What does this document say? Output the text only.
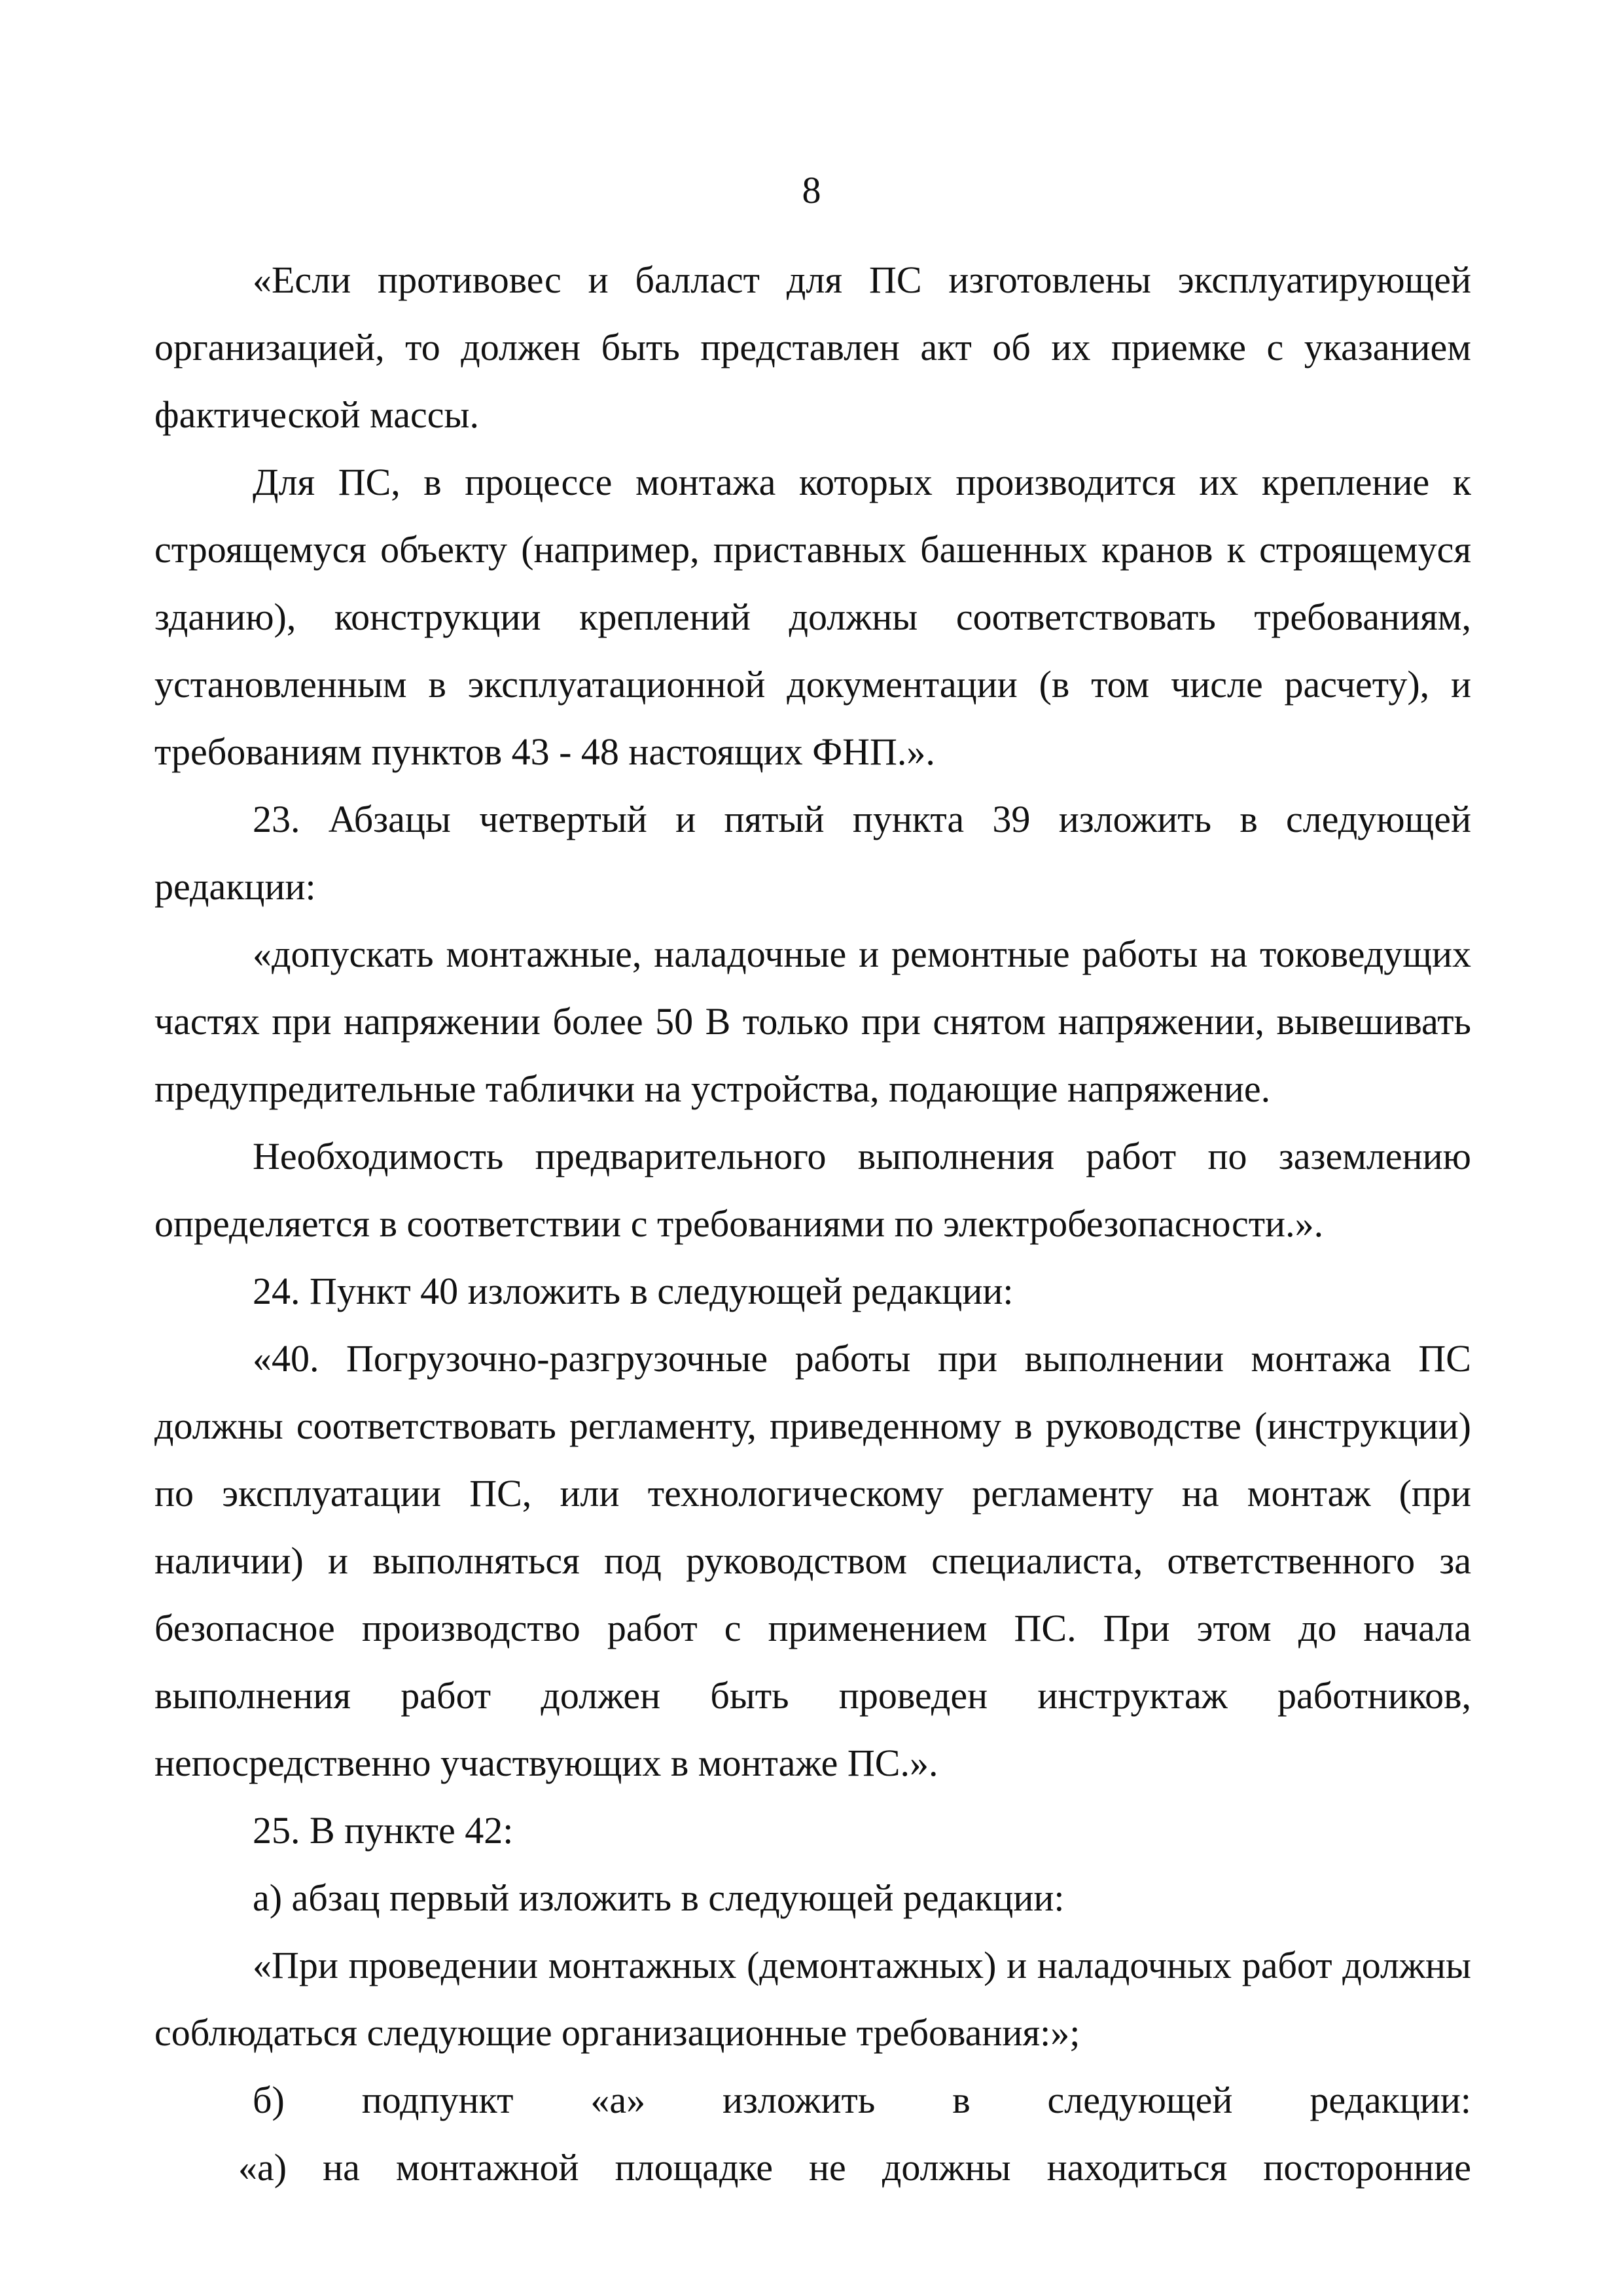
8

«Если противовес и балласт для ПС изготовлены эксплуатирующей организацией, то должен быть представлен акт об их приемке с указанием фактической массы.

Для ПС, в процессе монтажа которых производится их крепление к строящемуся объекту (например, приставных башенных кранов к строящемуся зданию), конструкции креплений должны соответствовать требованиям, установленным в эксплуатационной документации (в том числе расчету), и требованиям пунктов 43 - 48 настоящих ФНП.».

23. Абзацы четвертый и пятый пункта 39 изложить в следующей редакции:

«допускать монтажные, наладочные и ремонтные работы на токоведущих частях при напряжении более 50 В только при снятом напряжении, вывешивать предупредительные таблички на устройства, подающие напряжение.

Необходимость предварительного выполнения работ по заземлению определяется в соответствии с требованиями по электробезопасности.».

24. Пункт 40 изложить в следующей редакции:

«40. Погрузочно-разгрузочные работы при выполнении монтажа ПС должны соответствовать регламенту, приведенному в руководстве (инструкции) по эксплуатации ПС, или технологическому регламенту на монтаж (при наличии) и выполняться под руководством специалиста, ответственного за безопасное производство работ с применением ПС. При этом до начала выполнения работ должен быть проведен инструктаж работников, непосредственно участвующих в монтаже ПС.».

25. В пункте 42:

а) абзац первый изложить в следующей редакции:

«При проведении монтажных (демонтажных) и наладочных работ должны соблюдаться следующие организационные требования:»;

б) подпункт «а» изложить в следующей редакции:

«а) на монтажной площадке не должны находиться посторонние
